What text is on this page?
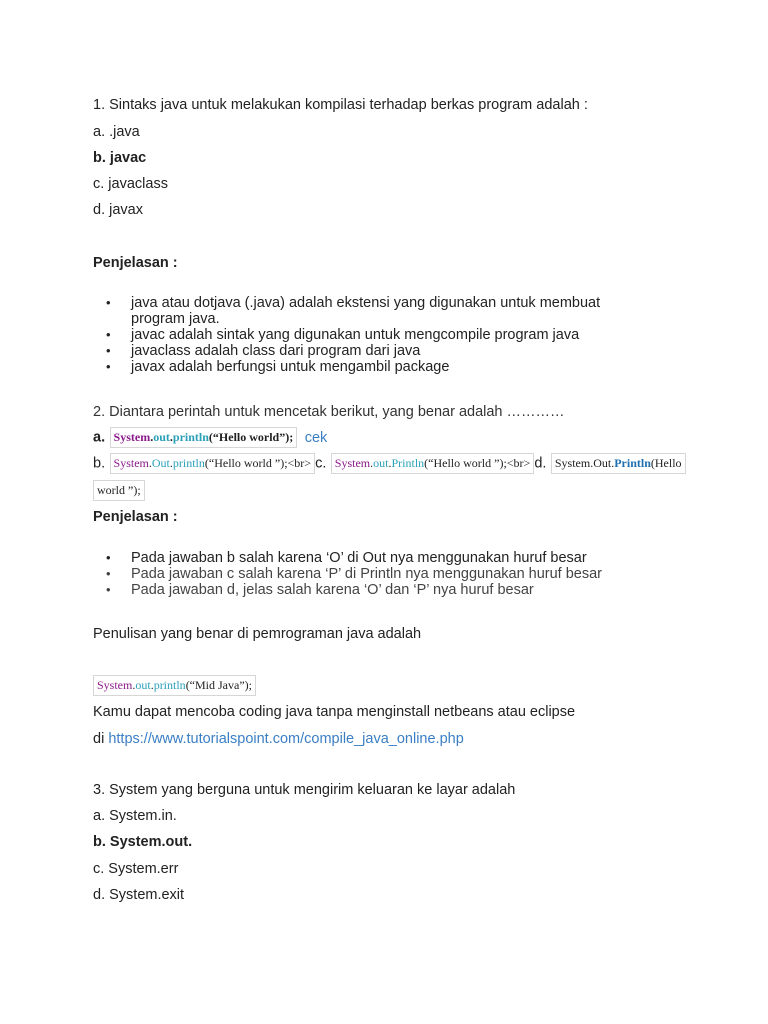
1. Sintaks java untuk melakukan kompilasi terhadap berkas program adalah :
a. .java
b. javac
c. javaclass
d. javax
Penjelasan :
• java atau dotjava (.java) adalah ekstensi yang digunakan untuk membuat program java.
• javac adalah sintak yang digunakan untuk mengcompile program java
• javaclass adalah class dari program dari java
• javax adalah berfungsi untuk mengambil package
2. Diantara perintah untuk mencetak berikut, yang benar adalah …………
a. System.out.println(“Hello world”); cek
b. System.Out.println(“Hello world ”);<br> c. System.out.Println(“Hello world ”);<br> d. System.Out.Println(Hello
world ”);
Penjelasan :
• Pada jawaban b salah karena ‘O’ di Out nya menggunakan huruf besar
• Pada jawaban c salah karena ‘P’ di Println nya menggunakan huruf besar
• Pada jawaban d, jelas salah karena ‘O’ dan ‘P’ nya huruf besar
Penulisan yang benar di pemrograman java adalah
System.out.println(“Mid Java”);
Kamu dapat mencoba coding java tanpa menginstall netbeans atau eclipse
di https://www.tutorialspoint.com/compile_java_online.php
3. System yang berguna untuk mengirim keluaran ke layar adalah
a. System.in.
b. System.out.
c. System.err
d. System.exit
